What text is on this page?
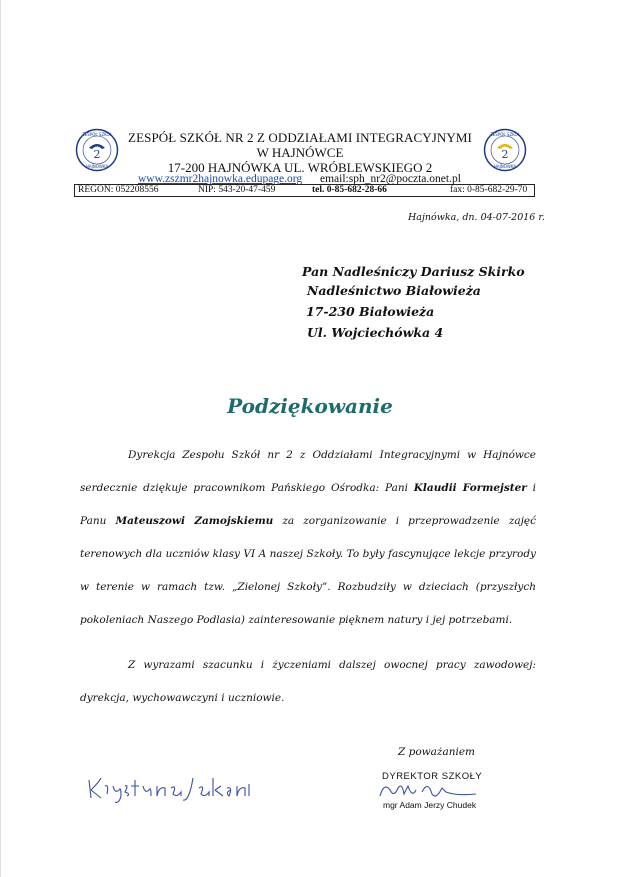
2
ZESPÓŁ SZKÓŁ
HAJNÓWKA
2
ZESPÓŁ SZKÓŁ
HAJNÓWKA
ZESPÓŁ SZKÓŁ NR 2 Z ODDZIAŁAMI INTEGRACYJNYMI
W HAJNÓWCE
17-200 HAJNÓWKA UL. WRÓBLEWSKIEGO 2
www.zszmr2hajnowka.edupage.org email:sph_nr2@poczta.onet.pl
REGON: 052208556	NIP: 543-20-47-459	tel. 0-85-682-28-66	fax: 0-85-682-29-70
Hajnówka, dn. 04-07-2016 r.
Pan Nadleśniczy Dariusz Skirko
Nadleśnictwo Białowieża
17-230 Białowieża
Ul. Wojciechówka 4
Podziękowanie
Dyrekcja Zespołu Szkół nr 2 z Oddziałami Integracyjnymi w Hajnówce serdecznie dziękuje pracownikom Pańskiego Ośrodka: Pani Klaudii Formejster i Panu Mateuszowi Zamojskiemu za zorganizowanie i przeprowadzenie zajęć terenowych dla uczniów klasy VI A naszej Szkoły. To były fascynujące lekcje przyrody w terenie w ramach tzw. „Zielonej Szkoły”. Rozbudziły w dzieciach (przyszłych pokoleniach Naszego Podlasia) zainteresowanie pięknem natury i jej potrzebami.
Z wyrazami szacunku i życzeniami dalszej owocnej pracy zawodowej: dyrekcja, wychowawczyni i uczniowie.
Z poważaniem
DYREKTOR SZKOŁY
mgr Adam Jerzy Chudek
